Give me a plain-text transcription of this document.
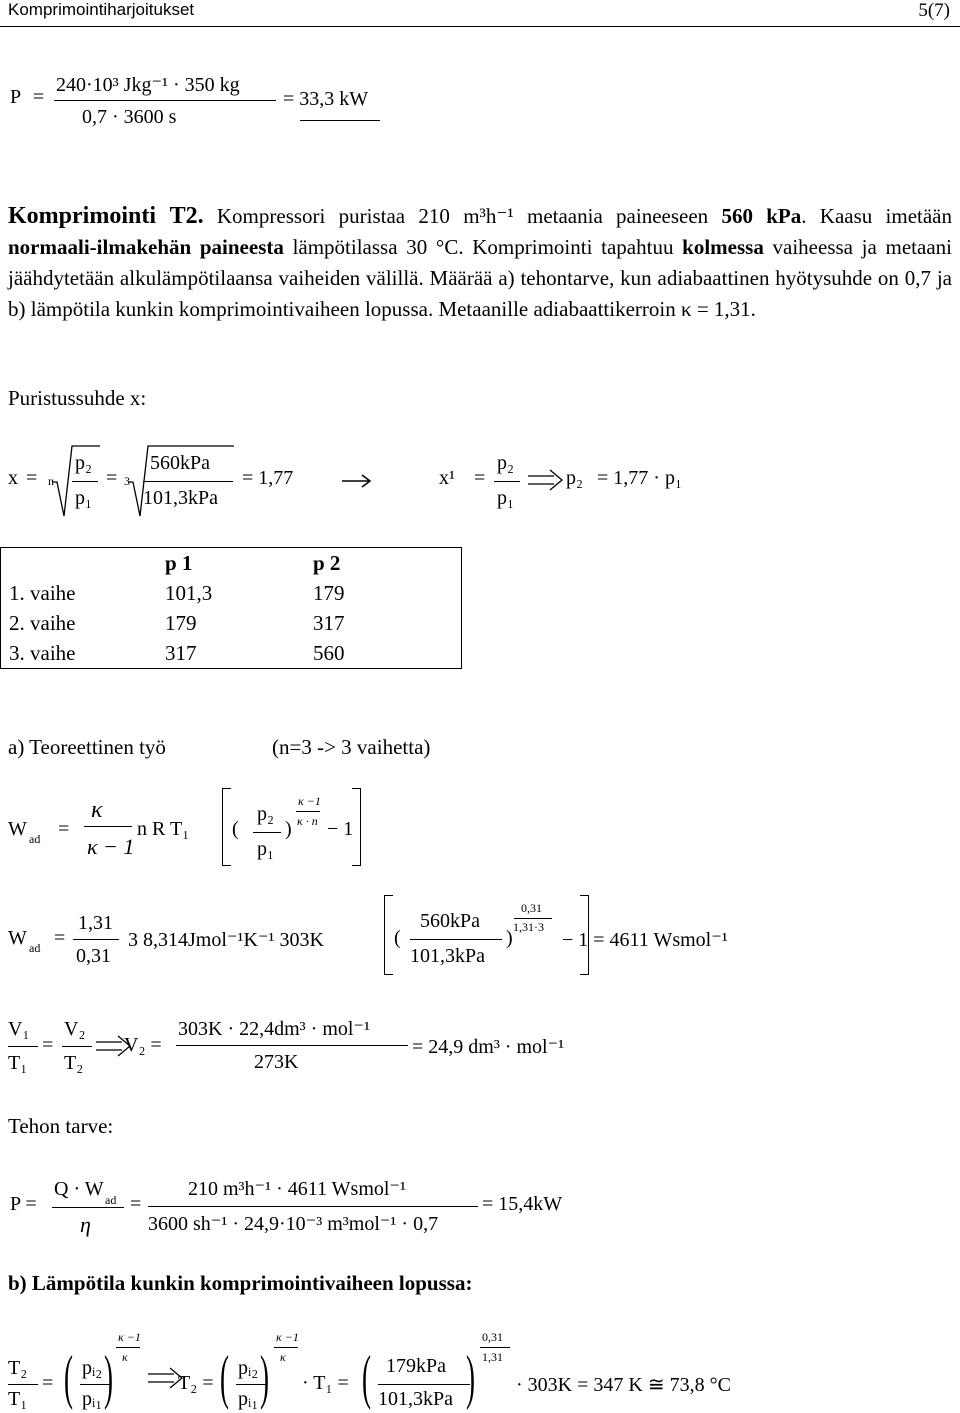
Komprimointiharjoitukset	5(7)
P =
240·10³ Jkg⁻¹ · 350 kg
0,7 · 3600 s
= 33,3 kW
Komprimointi T2. Kompressori puristaa 210 m³h⁻¹ metaania paineeseen 560 kPa. Kaasu imetään normaali-ilmakehän paineesta lämpötilassa 30 °C. Komprimointi tapahtuu kolmessa vaiheessa ja metaani jäähdytetään alkulämpötilaansa vaiheiden välillä. Määrää a) tehontarve, kun adiabaattinen hyötysuhde on 0,7 ja b) lämpötila kunkin komprimointivaiheen lopussa. Metaanille adiabaattikerroin κ = 1,31.
Puristussuhde x:
x = n
p₂
p₁
= 3
560kPa
101,3kPa
= 1,77	x¹ =
p₂
p₁
p₂ = 1,77 · p₁
	p 1	p 2
1. vaihe	101,3	179
2. vaihe	179	317
3. vaihe	317	560
a) Teoreettinen työ	(n=3 -> 3 vaihetta)
W ad =
κ
κ − 1
n R T₁ (
p₂
p₁
)
κ −1
κ · n − 1
W ad =
1,31
0,31
3 8,314Jmol⁻¹K⁻¹ 303K	(
560kPa
101,3kPa
)
0,31
1,31·3
− 1 = 4611 Wsmol⁻¹
V₁
T₁
=
V₂
T₂
V₂ =
303K · 22,4dm³ · mol⁻¹
273K
= 24,9 dm³ · mol⁻¹
Tehon tarve:
P =
Q · W ad
η
=
210 m³h⁻¹ · 4611 Wsmol⁻¹
3600 sh⁻¹ · 24,9·10⁻³ m³mol⁻¹ · 0,7
= 15,4kW
b) Lämpötila kunkin komprimointivaiheen lopussa:
T₂
T₁
= ( pᵢ₂
pᵢ₁ )
κ −1
κ
T₂ = ( pᵢ₂
pᵢ₁ )
κ −1
κ
· T₁ = ( 179kPa
101,3kPa )
0,31
1,31
· 303K = 347 K ≅ 73,8 °C
